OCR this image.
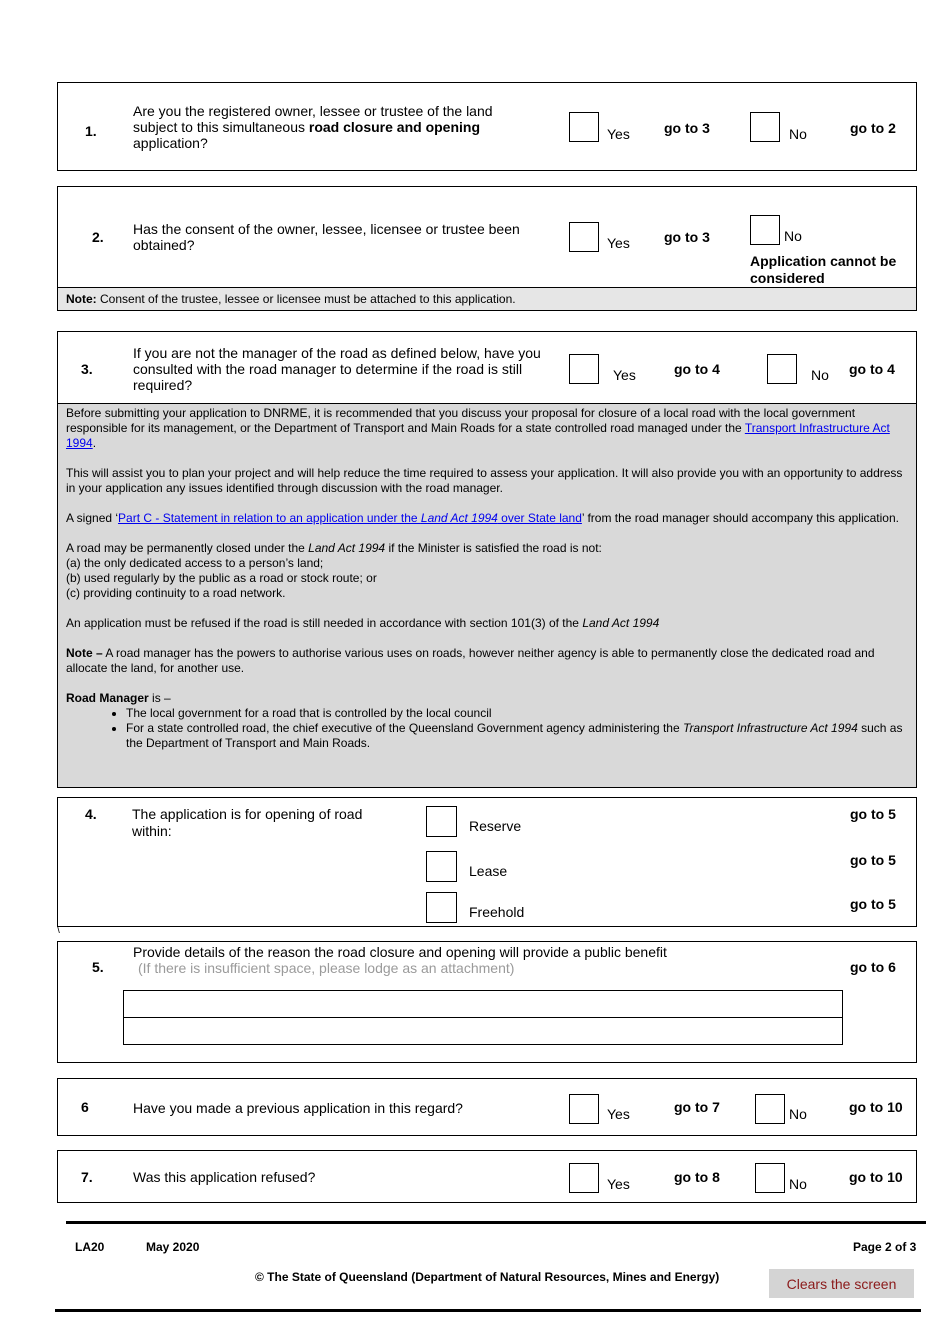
1.
Are you the registered owner, lessee or trustee of the land subject to this simultaneous road closure and opening application?
Yes go to 3	No	go to 2
2. Has the consent of the owner, lessee, licensee or trustee been obtained?	Yes go to 3	No
Application cannot be considered
Note: Consent of the trustee, lessee or licensee must be attached to this application.
3.
If you are not the manager of the road as defined below, have you consulted with the road manager to determine if the road is still required?
Yes	go to 4	No go to 4

Before submitting your application to DNRME, it is recommended that you discuss your proposal for closure of a local road with the local government responsible for its management, or the Department of Transport and Main Roads for a state controlled road managed under the Transport Infrastructure Act 1994.

This will assist you to plan your project and will help reduce the time required to assess your application. It will also provide you with an opportunity to address in your application any issues identified through discussion with the road manager.

A signed ‘Part C - Statement in relation to an application under the Land Act 1994 over State land’ from the road manager should accompany this application.

A road may be permanently closed under the Land Act 1994 if the Minister is satisfied the road is not:
(a) the only dedicated access to a person’s land;
(b) used regularly by the public as a road or stock route; or
(c) providing continuity to a road network.

An application must be refused if the road is still needed in accordance with section 101(3) of the Land Act 1994

Note – A road manager has the powers to authorise various uses on roads, however neither agency is able to permanently close the dedicated road and allocate the land, for another use.

Road Manager is –
• The local government for a road that is controlled by the local council
• For a state controlled road, the chief executive of the Queensland Government agency administering the Transport Infrastructure Act 1994 such as the Department of Transport and Main Roads.
4.	The application is for opening of road within:	Reserve
go to 5
Lease
go to 5
Freehold	go to 5
\
5.
Provide details of the reason the road closure and opening will provide a public benefit
(If there is insufficient space, please lodge as an attachment)	go to 6
6	Have you made a previous application in this regard?	Yes	go to 7	No	go to 10
7.	Was this application refused?	Yes	go to 8	No	go to 10
LA20	May 2020	Page 2 of 3
© The State of Queensland (Department of Natural Resources, Mines and Energy)	Clears the screen
